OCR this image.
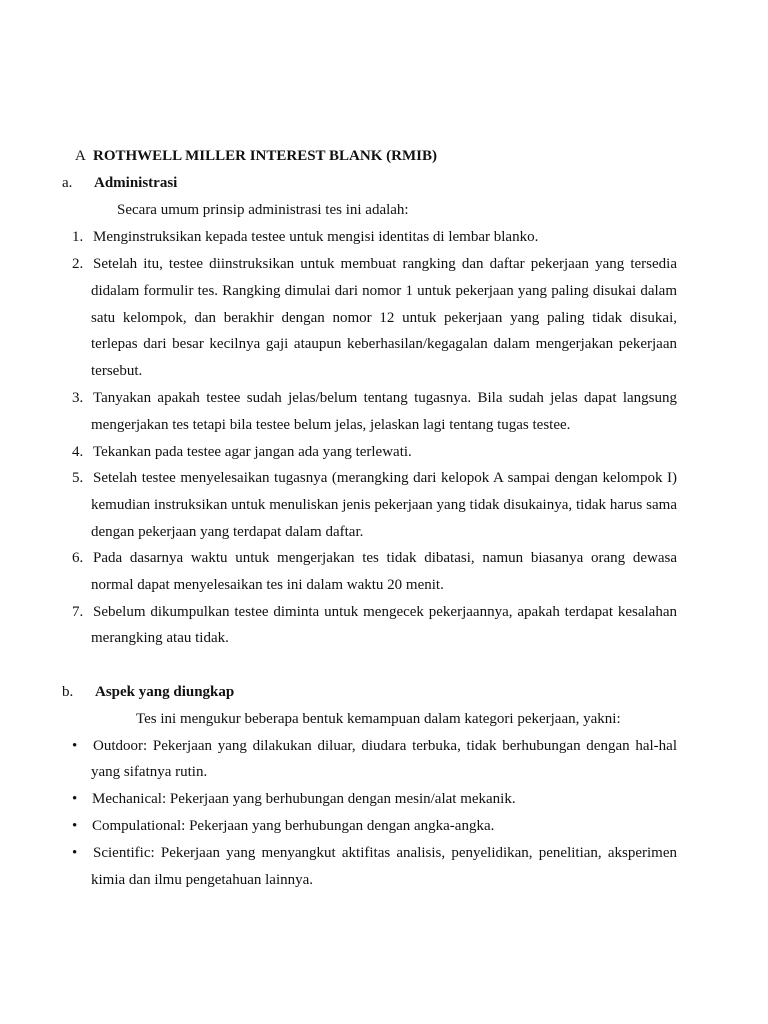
A ROTHWELL MILLER INTEREST BLANK (RMIB)
a. Administrasi
Secara umum prinsip administrasi tes ini adalah:
1. Menginstruksikan kepada testee untuk mengisi identitas di lembar blanko.
2. Setelah itu, testee diinstruksikan untuk membuat rangking dan daftar pekerjaan yang tersedia
didalam formulir tes. Rangking dimulai dari nomor 1 untuk pekerjaan yang paling disukai dalam
satu kelompok, dan berakhir dengan nomor 12 untuk pekerjaan yang paling tidak disukai,
terlepas dari besar kecilnya gaji ataupun keberhasilan/kegagalan dalam mengerjakan pekerjaan
tersebut.
3. Tanyakan apakah testee sudah jelas/belum tentang tugasnya. Bila sudah jelas dapat langsung
mengerjakan tes tetapi bila testee belum jelas, jelaskan lagi tentang tugas testee.
4. Tekankan pada testee agar jangan ada yang terlewati.
5. Setelah testee menyelesaikan tugasnya (merangking dari kelopok A sampai dengan kelompok I)
kemudian instruksikan untuk menuliskan jenis pekerjaan yang tidak disukainya, tidak harus sama
dengan pekerjaan yang terdapat dalam daftar.
6. Pada dasarnya waktu untuk mengerjakan tes tidak dibatasi, namun biasanya orang dewasa
normal dapat menyelesaikan tes ini dalam waktu 20 menit.
7. Sebelum dikumpulkan testee diminta untuk mengecek pekerjaannya, apakah terdapat kesalahan
merangking atau tidak.
b. Aspek yang diungkap
Tes ini mengukur beberapa bentuk kemampuan dalam kategori pekerjaan, yakni:
• Outdoor: Pekerjaan yang dilakukan diluar, diudara terbuka, tidak berhubungan dengan hal-hal
yang sifatnya rutin.
• Mechanical: Pekerjaan yang berhubungan dengan mesin/alat mekanik.
• Compulational: Pekerjaan yang berhubungan dengan angka-angka.
• Scientific: Pekerjaan yang menyangkut aktifitas analisis, penyelidikan, penelitian, aksperimen
kimia dan ilmu pengetahuan lainnya.
